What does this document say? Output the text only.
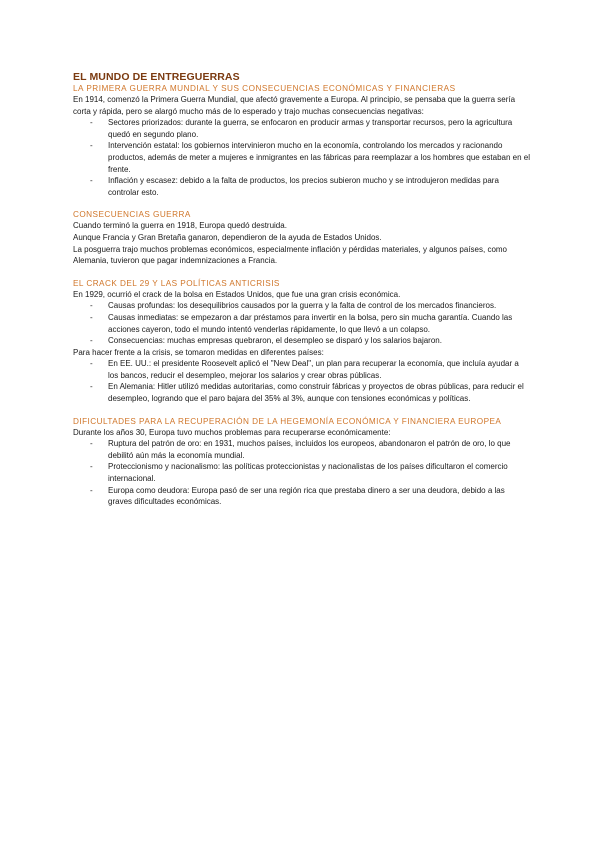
EL MUNDO DE ENTREGUERRAS
LA PRIMERA GUERRA MUNDIAL Y SUS CONSECUENCIAS ECONÓMICAS Y FINANCIERAS

En 1914, comenzó la Primera Guerra Mundial, que afectó gravemente a Europa. Al principio, se pensaba que la guerra sería corta y rápida, pero se alargó mucho más de lo esperado y trajo muchas consecuencias negativas:

- Sectores priorizados: durante la guerra, se enfocaron en producir armas y transportar recursos, pero la agricultura quedó en segundo plano.
- Intervención estatal: los gobiernos intervinieron mucho en la economía, controlando los mercados y racionando productos, además de meter a mujeres e inmigrantes en las fábricas para reemplazar a los hombres que estaban en el frente.
- Inflación y escasez: debido a la falta de productos, los precios subieron mucho y se introdujeron medidas para controlar esto.
CONSECUENCIAS GUERRA

Cuando terminó la guerra en 1918, Europa quedó destruida.

Aunque Francia y Gran Bretaña ganaron, dependieron de la ayuda de Estados Unidos.

La posguerra trajo muchos problemas económicos, especialmente inflación y pérdidas materiales, y algunos países, como Alemania, tuvieron que pagar indemnizaciones a Francia.

EL CRACK DEL 29 Y LAS POLÍTICAS ANTICRISIS

En 1929, ocurrió el crack de la bolsa en Estados Unidos, que fue una gran crisis económica.

- Causas profundas: los desequilibrios causados por la guerra y la falta de control de los mercados financieros.
- Causas inmediatas: se empezaron a dar préstamos para invertir en la bolsa, pero sin mucha garantía. Cuando las acciones cayeron, todo el mundo intentó venderlas rápidamente, lo que llevó a un colapso.
- Consecuencias: muchas empresas quebraron, el desempleo se disparó y los salarios bajaron.

Para hacer frente a la crisis, se tomaron medidas en diferentes países:

- En EE. UU.: el presidente Roosevelt aplicó el "New Deal", un plan para recuperar la economía, que incluía ayudar a los bancos, reducir el desempleo, mejorar los salarios y crear obras públicas.
- En Alemania: Hitler utilizó medidas autoritarias, como construir fábricas y proyectos de obras públicas, para reducir el desempleo, logrando que el paro bajara del 35% al 3%, aunque con tensiones económicas y políticas.
DIFICULTADES PARA LA RECUPERACIÓN DE LA HEGEMONÍA ECONÓMICA Y FINANCIERA EUROPEA

Durante los años 30, Europa tuvo muchos problemas para recuperarse económicamente:

- Ruptura del patrón de oro: en 1931, muchos países, incluidos los europeos, abandonaron el patrón de oro, lo que debilitó aún más la economía mundial.
- Proteccionismo y nacionalismo: las políticas proteccionistas y nacionalistas de los países dificultaron el comercio internacional.
- Europa como deudora: Europa pasó de ser una región rica que prestaba dinero a ser una deudora, debido a las graves dificultades económicas.
